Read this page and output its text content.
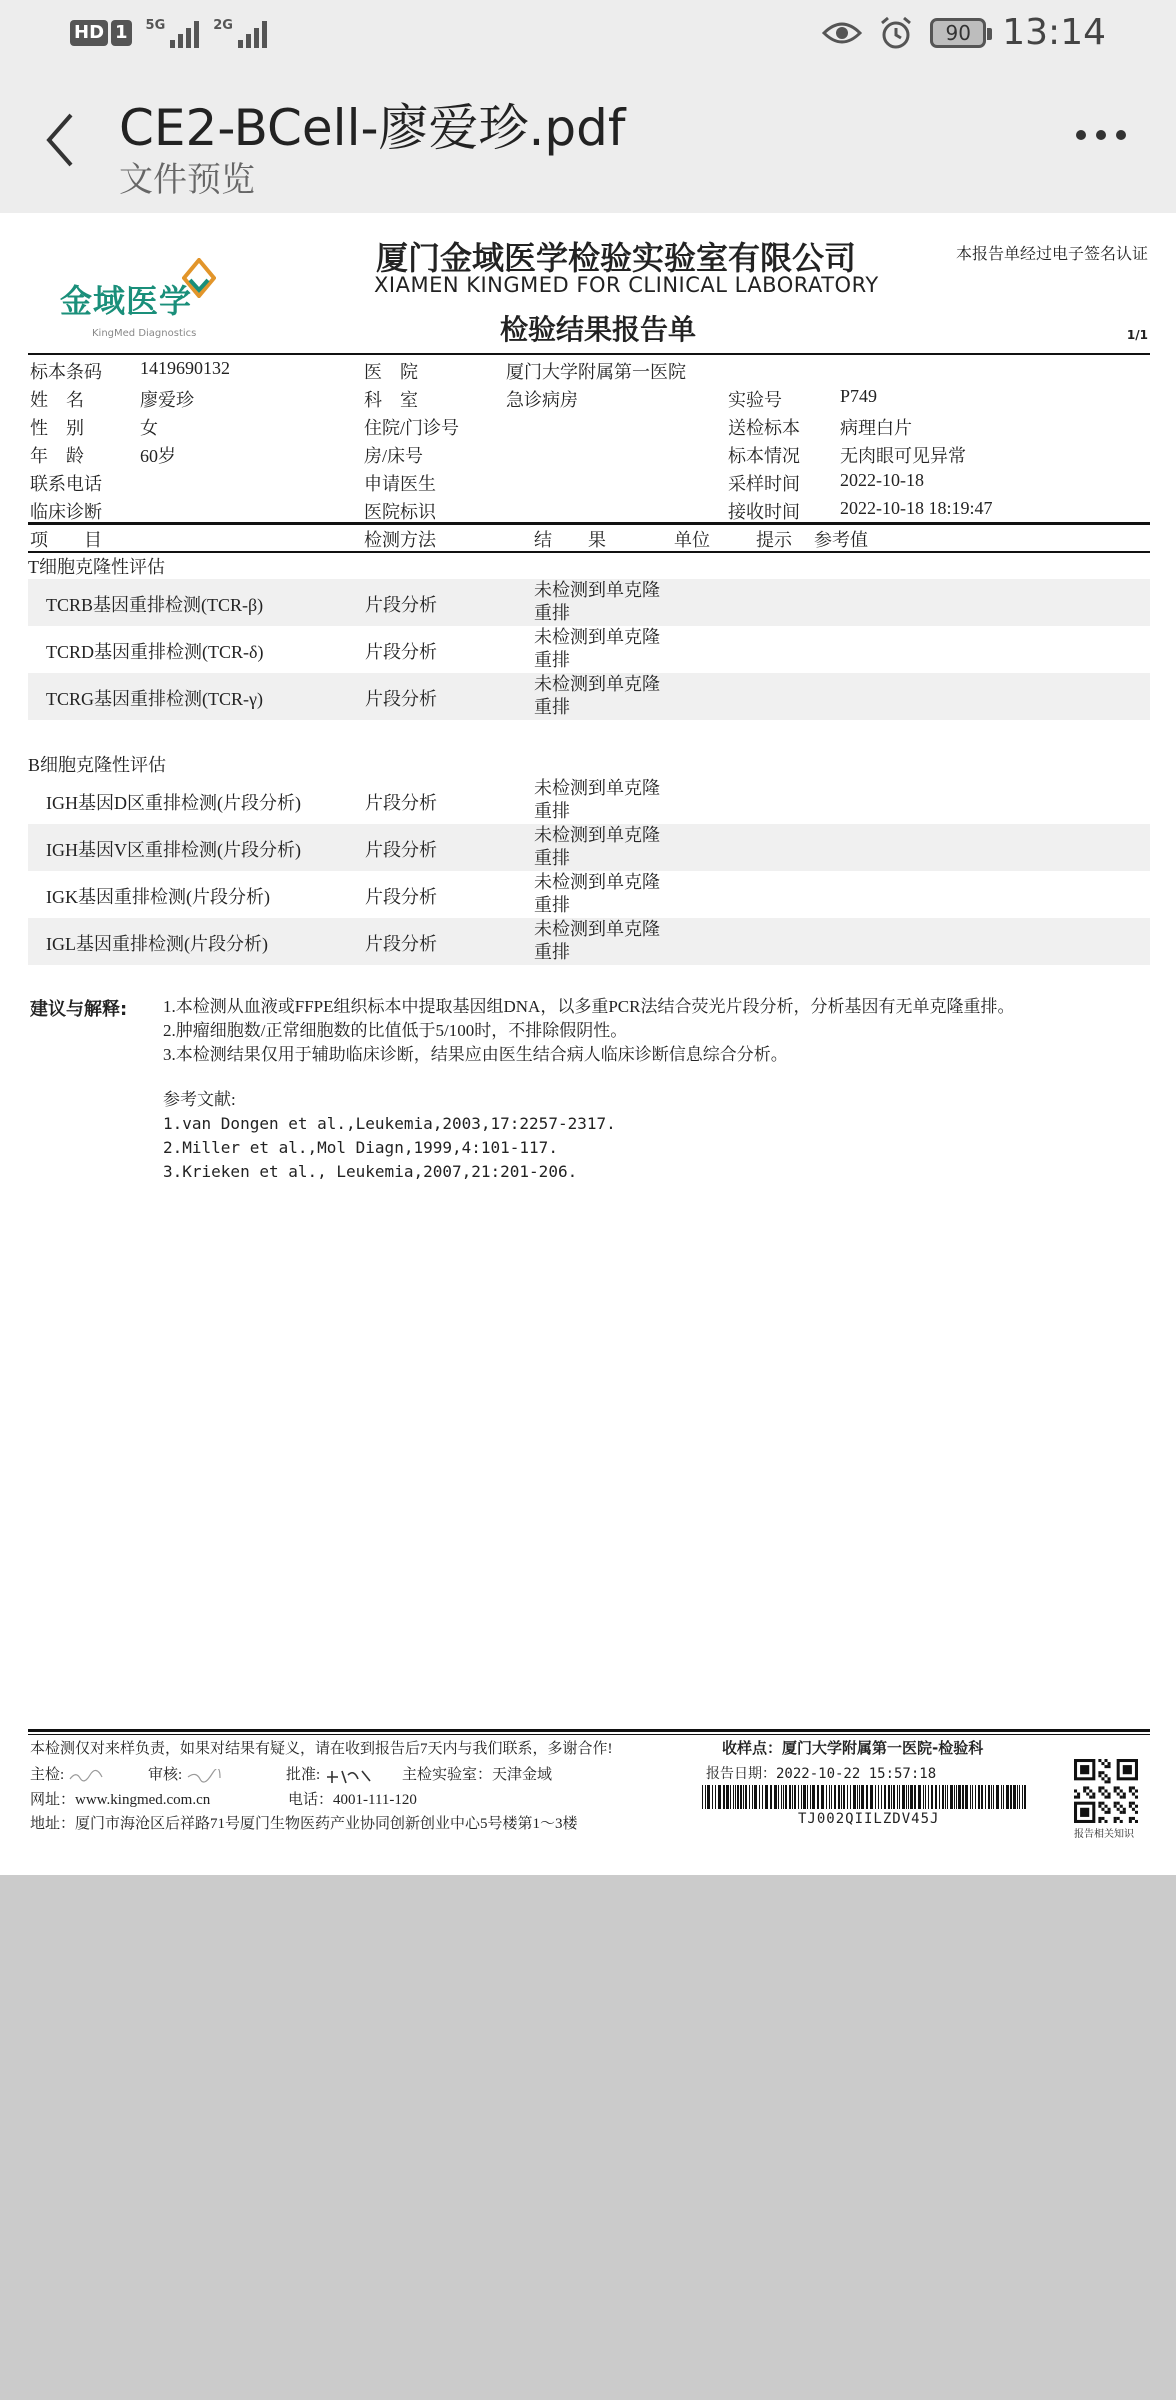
HD 1	5G	2G	90 13:14
CE2-BCell-廖爱珍.pdf
文件预览
金域医学
KingMed Diagnostics
厦门金域医学检验实验室有限公司
XIAMEN KINGMED FOR CLINICAL LABORATORY
检验结果报告单
本报告单经过电子签名认证
1/1
标本条码 1419690132	医　院	厦门大学附属第一医院
姓　名	廖爱珍	科　室	急诊病房	实验号	P749
性　别	女	住院/门诊号	送检标本 病理白片
年　龄	60岁	房/床号	标本情况 无肉眼可见异常
联系电话	申请医生	采样时间 2022-10-18
临床诊断	医院标识	接收时间 2022-10-18 18:19:47
项　　目	检测方法	结　　果	单位	提示 参考值
T细胞克隆性评估
TCRB基因重排检测(TCR-β)	片段分析
未检测到单克隆
重排
TCRD基因重排检测(TCR-δ)	片段分析
未检测到单克隆
重排
TCRG基因重排检测(TCR-γ)	片段分析
未检测到单克隆
重排
B细胞克隆性评估
IGH基因D区重排检测(片段分析)	片段分析
未检测到单克隆
重排
IGH基因V区重排检测(片段分析)	片段分析
未检测到单克隆
重排
IGK基因重排检测(片段分析)	片段分析
未检测到单克隆
重排
IGL基因重排检测(片段分析)	片段分析
未检测到单克隆
重排
建议与解释: 1.本检测从血液或FFPE组织标本中提取基因组DNA，以多重PCR法结合荧光片段分析，分析基因有无单克隆重排。
2.肿瘤细胞数/正常细胞数的比值低于5/100时，不排除假阴性。
3.本检测结果仅用于辅助临床诊断，结果应由医生结合病人临床诊断信息综合分析。
参考文献:
1.van Dongen et al.,Leukemia,2003,17:2257-2317.
2.Miller et al.,Mol Diagn,1999,4:101-117.
3.Krieken et al., Leukemia,2007,21:201-206.
本检测仅对来样负责，如果对结果有疑义，请在收到报告后7天内与我们联系，多谢合作!	收样点：厦门大学附属第一医院-检验科
主检:	审核:	批准:	主检实验室：天津金域	报告日期：2022-10-22 15:57:18
网址：www.kingmed.com.cn	电话：4001-111-120
地址：厦门市海沧区后祥路71号厦门生物医药产业协同创新创业中心5号楼第1～3楼	TJ002QIILZDV45J
报告相关知识
